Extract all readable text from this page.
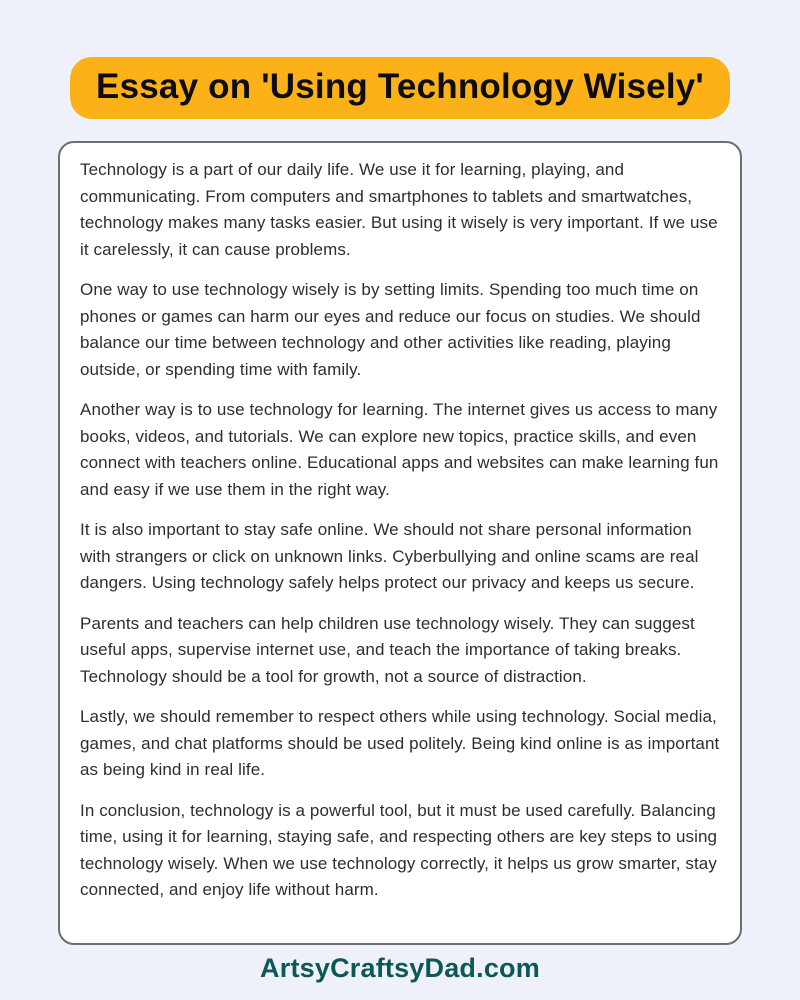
Essay on 'Using Technology Wisely'

Technology is a part of our daily life. We use it for learning, playing, and communicating. From computers and smartphones to tablets and smartwatches, technology makes many tasks easier. But using it wisely is very important. If we use it carelessly, it can cause problems.

One way to use technology wisely is by setting limits. Spending too much time on phones or games can harm our eyes and reduce our focus on studies. We should balance our time between technology and other activities like reading, playing outside, or spending time with family.

Another way is to use technology for learning. The internet gives us access to many books, videos, and tutorials. We can explore new topics, practice skills, and even connect with teachers online. Educational apps and websites can make learning fun and easy if we use them in the right way.

It is also important to stay safe online. We should not share personal information with strangers or click on unknown links. Cyberbullying and online scams are real dangers. Using technology safely helps protect our privacy and keeps us secure.

Parents and teachers can help children use technology wisely. They can suggest useful apps, supervise internet use, and teach the importance of taking breaks. Technology should be a tool for growth, not a source of distraction.

Lastly, we should remember to respect others while using technology. Social media, games, and chat platforms should be used politely. Being kind online is as important as being kind in real life.

In conclusion, technology is a powerful tool, but it must be used carefully. Balancing time, using it for learning, staying safe, and respecting others are key steps to using technology wisely. When we use technology correctly, it helps us grow smarter, stay connected, and enjoy life without harm.

ArtsyCraftsyDad.com
